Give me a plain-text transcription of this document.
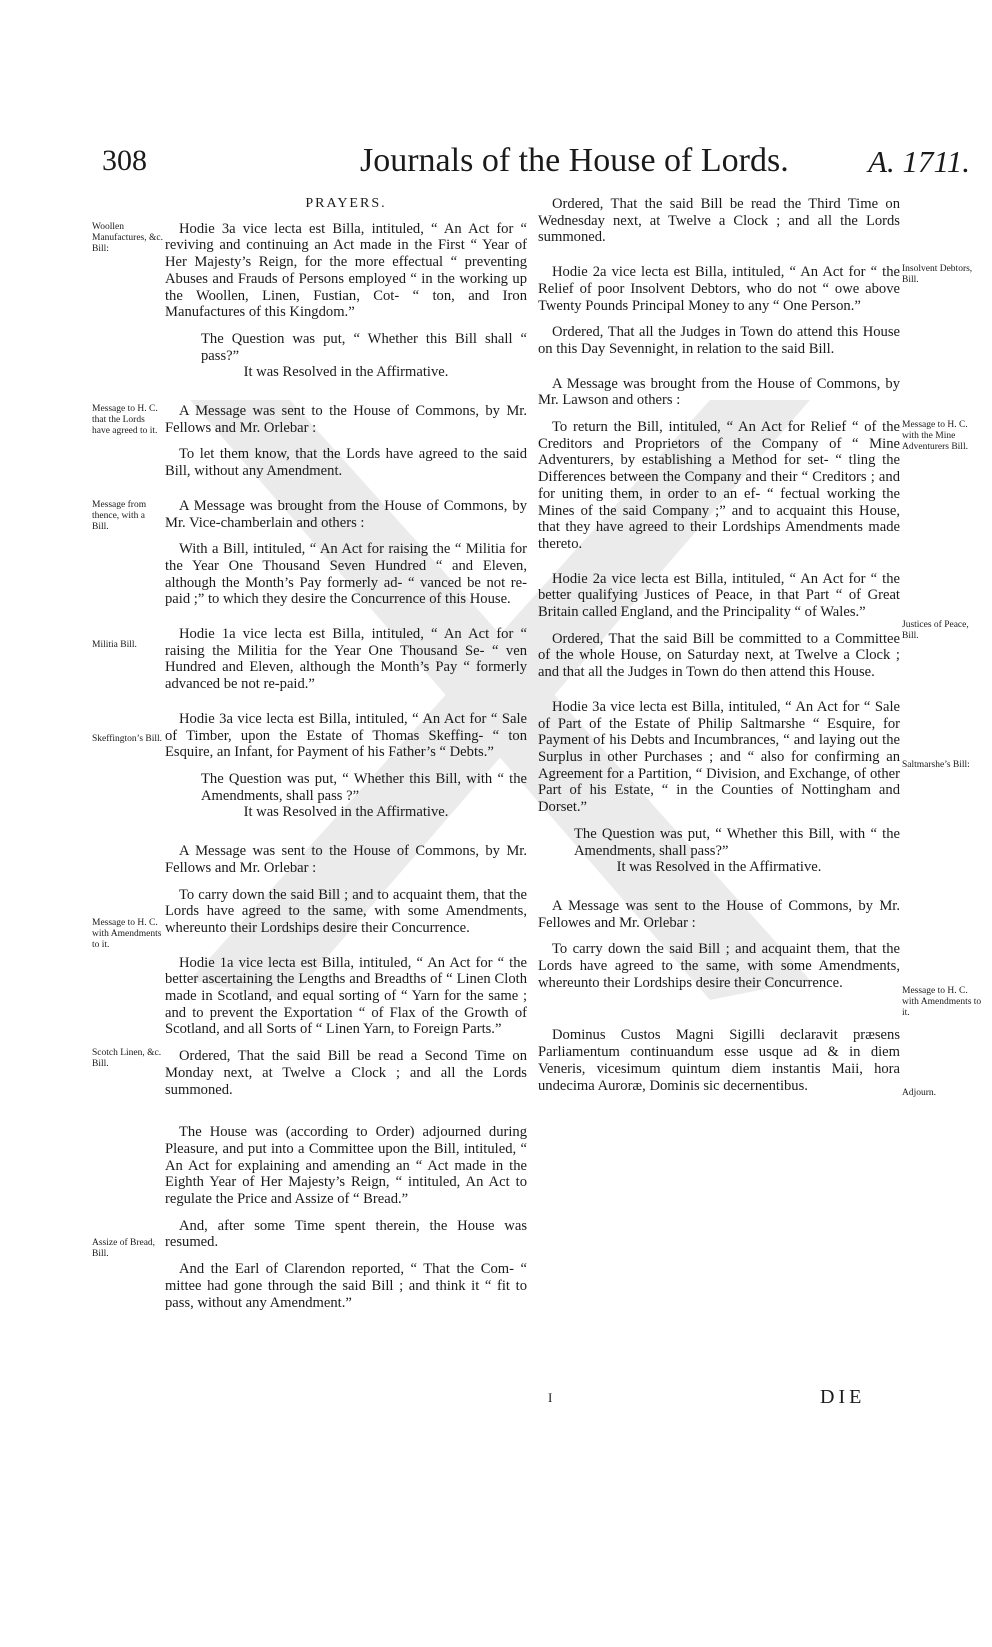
308	Journals of the House of Lords.	A. 1711.
Woollen Manufactures, &c. Bill:
Message to H. C. that the Lords have agreed to it.
Message from thence, with a Bill.
Militia Bill.
Skeffington’s Bill.
Message to H. C. with Amendments to it.
Scotch Linen, &c. Bill.
Assize of Bread, Bill.
Insolvent Debtors, Bill.
Message to H. C. with the Mine Adventurers Bill.
Justices of Peace, Bill.
Saltmarshe’s Bill:
Message to H. C. with Amendments to it.
Adjourn.
PRAYERS.

Hodie 3a vice lecta est Billa, intituled, “ An Act for “ reviving and continuing an Act made in the First “ Year of Her Majesty’s Reign, for the more effectual “ preventing Abuses and Frauds of Persons employed “ in the working up the Woollen, Linen, Fustian, Cot- “ ton, and Iron Manufactures of this Kingdom.”

The Question was put, “ Whether this Bill shall “ pass?”

It was Resolved in the Affirmative.

A Message was sent to the House of Commons, by Mr. Fellows and Mr. Orlebar :

To let them know, that the Lords have agreed to the said Bill, without any Amendment.

A Message was brought from the House of Commons, by Mr. Vice-chamberlain and others :

With a Bill, intituled, “ An Act for raising the “ Militia for the Year One Thousand Seven Hundred “ and Eleven, although the Month’s Pay formerly ad- “ vanced be not re-paid ;” to which they desire the Concurrence of this House.

Hodie 1a vice lecta est Billa, intituled, “ An Act for “ raising the Militia for the Year One Thousand Se- “ ven Hundred and Eleven, although the Month’s Pay “ formerly advanced be not re-paid.”

Hodie 3a vice lecta est Billa, intituled, “ An Act for “ Sale of Timber, upon the Estate of Thomas Skeffing- “ ton Esquire, an Infant, for Payment of his Father’s “ Debts.”

The Question was put, “ Whether this Bill, with “ the Amendments, shall pass ?”

It was Resolved in the Affirmative.

A Message was sent to the House of Commons, by Mr. Fellows and Mr. Orlebar :

To carry down the said Bill ; and to acquaint them, that the Lords have agreed to the same, with some Amendments, whereunto their Lordships desire their Concurrence.

Hodie 1a vice lecta est Billa, intituled, “ An Act for “ the better ascertaining the Lengths and Breadths of “ Linen Cloth made in Scotland, and equal sorting of “ Yarn for the same ; and to prevent the Exportation “ of Flax of the Growth of Scotland, and all Sorts of “ Linen Yarn, to Foreign Parts.”

Ordered, That the said Bill be read a Second Time on Monday next, at Twelve a Clock ; and all the Lords summoned.

The House was (according to Order) adjourned during Pleasure, and put into a Committee upon the Bill, intituled, “ An Act for explaining and amending an “ Act made in the Eighth Year of Her Majesty’s Reign, “ intituled, An Act to regulate the Price and Assize of “ Bread.”

And, after some Time spent therein, the House was resumed.

And the Earl of Clarendon reported, “ That the Com- “ mittee had gone through the said Bill ; and think it “ fit to pass, without any Amendment.”

Ordered, That the said Bill be read the Third Time on Wednesday next, at Twelve a Clock ; and all the Lords summoned.

Hodie 2a vice lecta est Billa, intituled, “ An Act for “ the Relief of poor Insolvent Debtors, who do not “ owe above Twenty Pounds Principal Money to any “ One Person.”

Ordered, That all the Judges in Town do attend this House on this Day Sevennight, in relation to the said Bill.

A Message was brought from the House of Commons, by Mr. Lawson and others :

To return the Bill, intituled, “ An Act for Relief “ of the Creditors and Proprietors of the Company of “ Mine Adventurers, by establishing a Method for set- “ tling the Differences between the Company and their “ Creditors ; and for uniting them, in order to an ef- “ fectual working the Mines of the said Company ;” and to acquaint this House, that they have agreed to their Lordships Amendments made thereto.

Hodie 2a vice lecta est Billa, intituled, “ An Act for “ the better qualifying Justices of Peace, in that Part “ of Great Britain called England, and the Principality “ of Wales.”

Ordered, That the said Bill be committed to a Committee of the whole House, on Saturday next, at Twelve a Clock ; and that all the Judges in Town do then attend this House.

Hodie 3a vice lecta est Billa, intituled, “ An Act for “ Sale of Part of the Estate of Philip Saltmarshe “ Esquire, for Payment of his Debts and Incumbrances, “ and laying out the Surplus in other Purchases ; and “ also for confirming an Agreement for a Partition, “ Division, and Exchange, of other Part of his Estate, “ in the Counties of Nottingham and Dorset.”

The Question was put, “ Whether this Bill, with “ the Amendments, shall pass?”

It was Resolved in the Affirmative.

A Message was sent to the House of Commons, by Mr. Fellowes and Mr. Orlebar :

To carry down the said Bill ; and acquaint them, that the Lords have agreed to the same, with some Amendments, whereunto their Lordships desire their Concurrence.

Dominus Custos Magni Sigilli declaravit præsens Parliamentum continuandum esse usque ad & in diem Veneris, vicesimum quintum diem instantis Maii, hora undecima Auroræ, Dominis sic decernentibus.

I	DIE
